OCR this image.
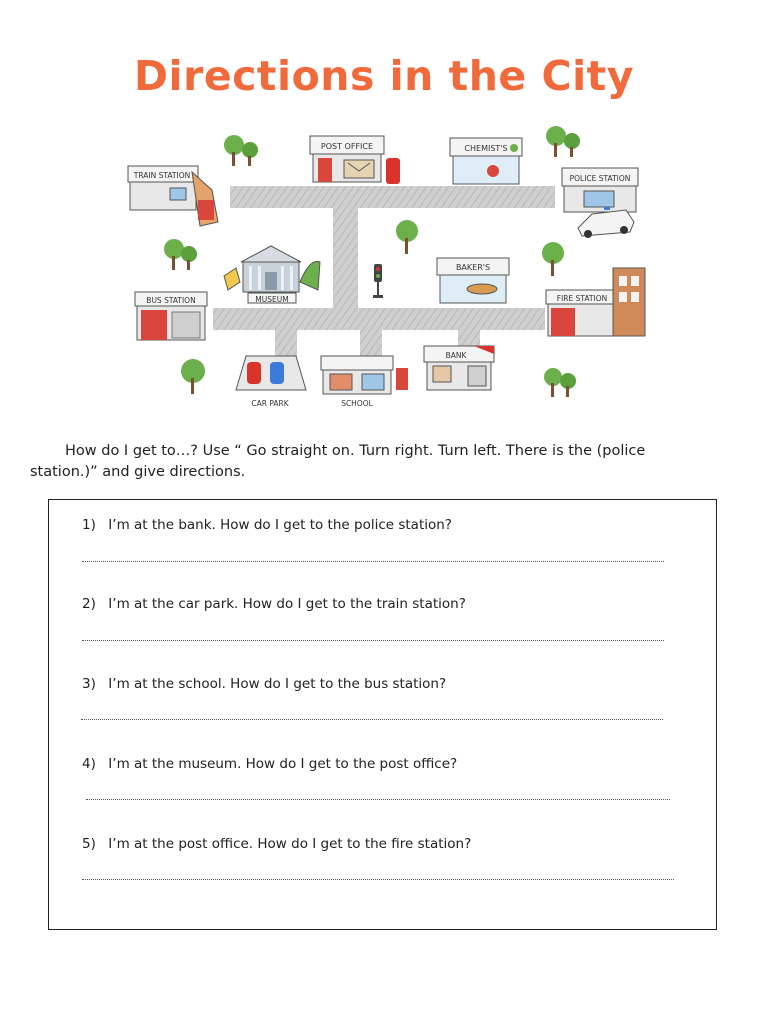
Directions in the City
POST OFFICE	CHEMIST'S
TRAIN STATION	POLICE STATION
MUSEUM
BAKER'S
BUS STATION	FIRE STATION
CAR PARK	SCHOOL
BANK
How do I get to…? Use “ Go straight on. Turn right. Turn left. There is the (police station.)” and give directions.
1) I’m at the bank. How do I get to the police station?
2) I’m at the car park. How do I get to the train station?
3) I’m at the school. How do I get to the bus station?
4) I’m at the museum. How do I get to the post office?
5) I’m at the post office. How do I get to the fire station?
